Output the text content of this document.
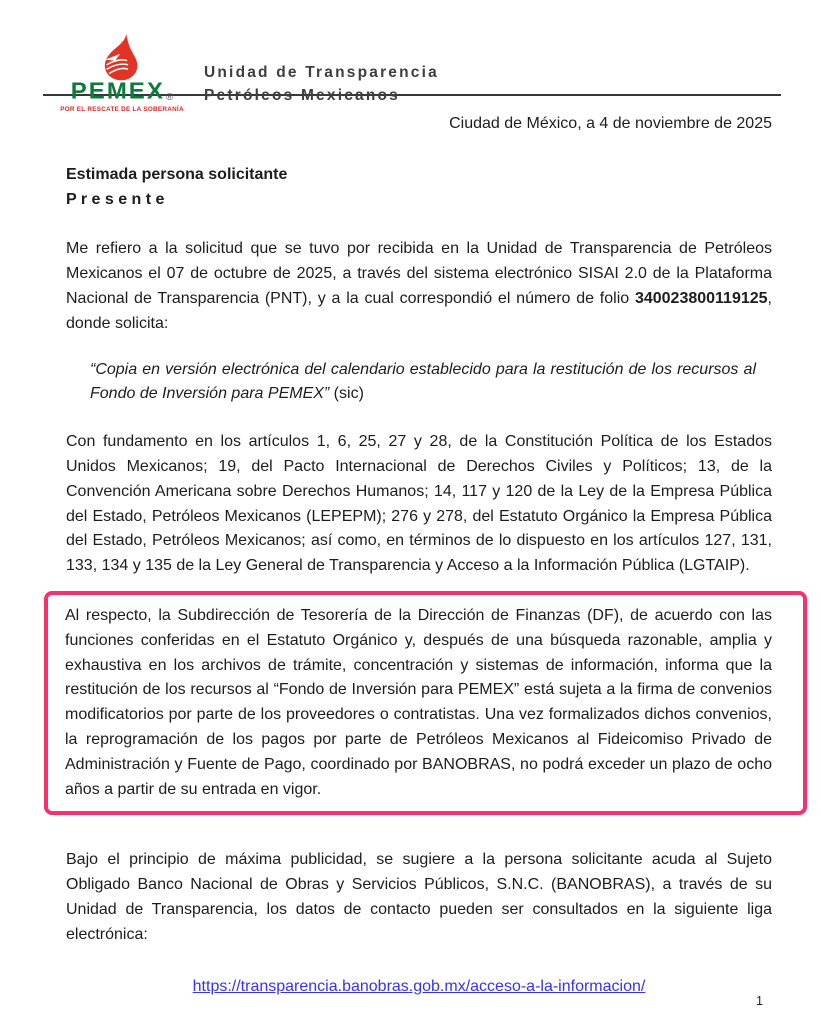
PEMEX ®
POR EL RESCATE DE LA SOBERANÍA
Unidad de Transparencia
Petróleos Mexicanos
Ciudad de México, a 4 de noviembre de 2025
Estimada persona solicitante
P r e s e n t e

Me refiero a la solicitud que se tuvo por recibida en la Unidad de Transparencia de Petróleos Mexicanos el 07 de octubre de 2025, a través del sistema electrónico SISAI 2.0 de la Plataforma Nacional de Transparencia (PNT), y a la cual correspondió el número de folio 340023800119125, donde solicita:

“Copia en versión electrónica del calendario establecido para la restitución de los recursos al Fondo de Inversión para PEMEX” (sic)

Con fundamento en los artículos 1, 6, 25, 27 y 28, de la Constitución Política de los Estados Unidos Mexicanos; 19, del Pacto Internacional de Derechos Civiles y Políticos; 13, de la Convención Americana sobre Derechos Humanos; 14, 117 y 120 de la Ley de la Empresa Pública del Estado, Petróleos Mexicanos (LEPEPM); 276 y 278, del Estatuto Orgánico la Empresa Pública del Estado, Petróleos Mexicanos; así como, en términos de lo dispuesto en los artículos 127, 131, 133, 134 y 135 de la Ley General de Transparencia y Acceso a la Información Pública (LGTAIP).

Al respecto, la Subdirección de Tesorería de la Dirección de Finanzas (DF), de acuerdo con las funciones conferidas en el Estatuto Orgánico y, después de una búsqueda razonable, amplia y exhaustiva en los archivos de trámite, concentración y sistemas de información, informa que la restitución de los recursos al “Fondo de Inversión para PEMEX” está sujeta a la firma de convenios modificatorios por parte de los proveedores o contratistas. Una vez formalizados dichos convenios, la reprogramación de los pagos por parte de Petróleos Mexicanos al Fideicomiso Privado de Administración y Fuente de Pago, coordinado por BANOBRAS, no podrá exceder un plazo de ocho años a partir de su entrada en vigor.

Bajo el principio de máxima publicidad, se sugiere a la persona solicitante acuda al Sujeto Obligado Banco Nacional de Obras y Servicios Públicos, S.N.C. (BANOBRAS), a través de su Unidad de Transparencia, los datos de contacto pueden ser consultados en la siguiente liga electrónica:

https://transparencia.banobras.gob.mx/acceso-a-la-informacion/
1
